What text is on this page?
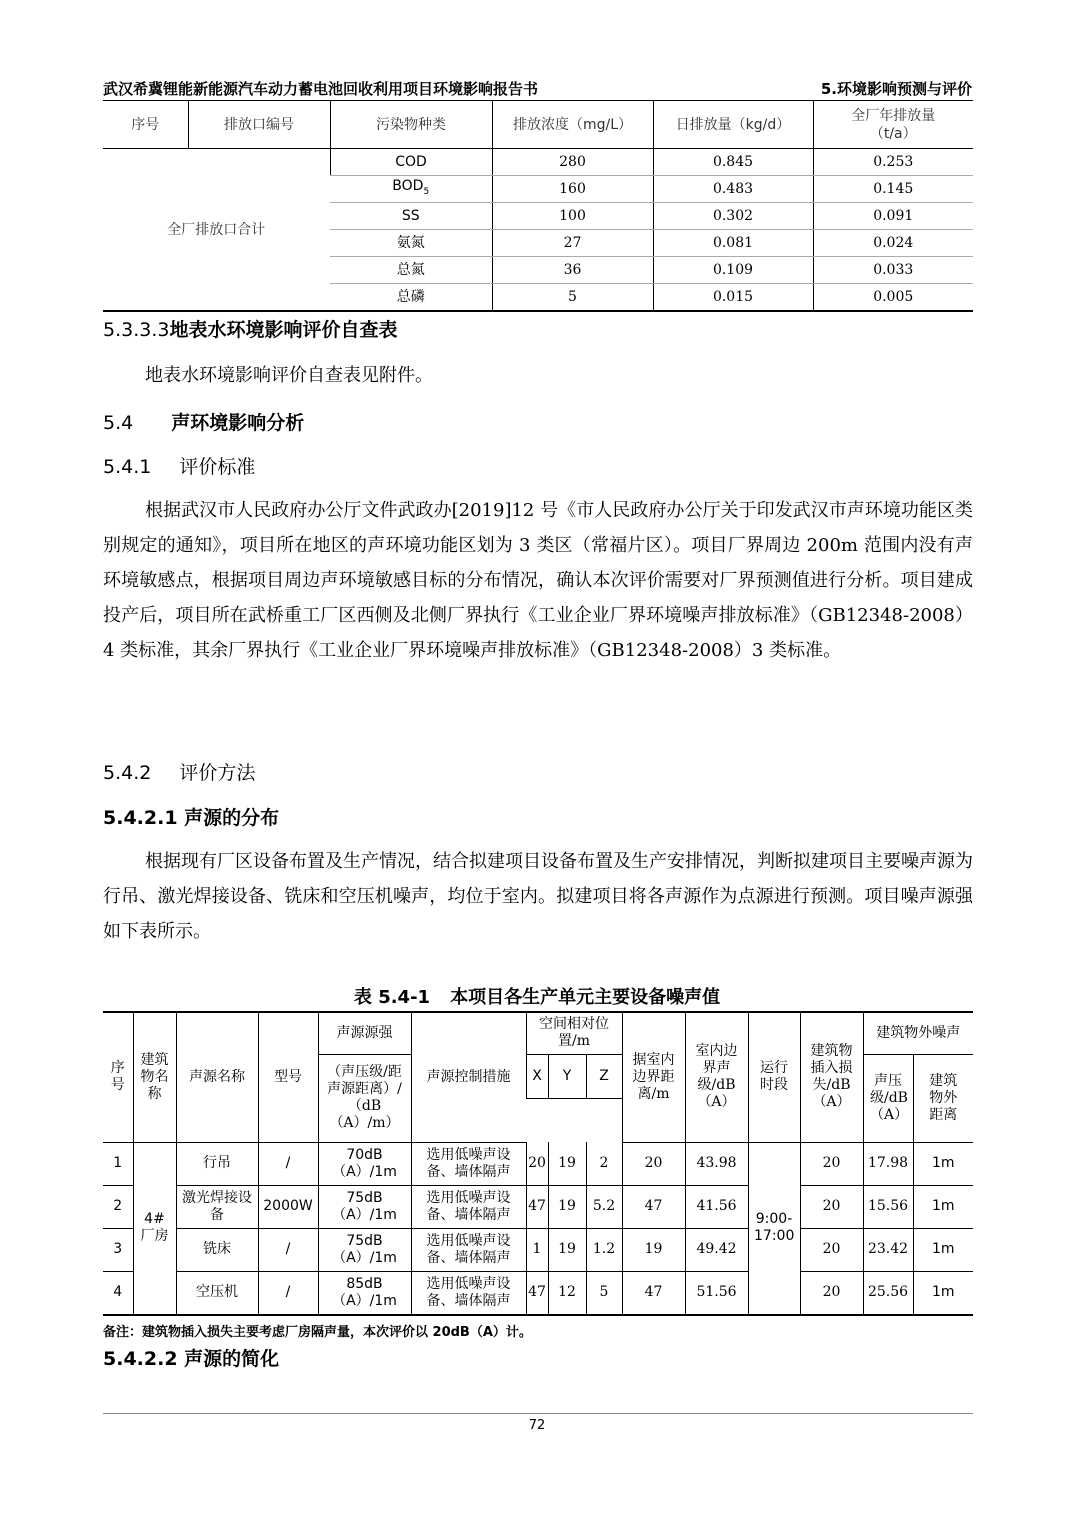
武汉希冀锂能新能源汽车动力蓄电池回收利用项目环境影响报告书	5.环境影响预测与评价
序号	排放口编号	污染物种类	排放浓度（mg/L）	日排放量（kg/d）	全厂年排放量
（t/a）
全厂排放口合计		COD	280	0.845	0.253
		$BOD_5$	160	0.483	0.145
		SS	100	0.302	0.091
		氨氮	27	0.081	0.024
		总氮	36	0.109	0.033
		总磷	5	0.015	0.005
5.3.3.3地表水环境影响评价自查表
地表水环境影响评价自查表见附件。
5.4 声环境影响分析
5.4.1 评价标准
根据武汉市人民政府办公厅文件武政办[2019]12 号《市人民政府办公厅关于印发武汉市声环境功能区类别规定的通知》，项目所在地区的声环境功能区划为 3 类区（常福片区）。项目厂界周边 200m 范围内没有声环境敏感点，根据项目周边声环境敏感目标的分布情况，确认本次评价需要对厂界预测值进行分析。项目建成投产后，项目所在武桥重工厂区西侧及北侧厂界执行《工业企业厂界环境噪声排放标准》（GB12348-2008）4 类标准，其余厂界执行《工业企业厂界环境噪声排放标准》（GB12348-2008）3 类标准。
5.4.2 评价方法
5.4.2.1 声源的分布
根据现有厂区设备布置及生产情况，结合拟建项目设备布置及生产安排情况，判断拟建项目主要噪声源为行吊、激光焊接设备、铣床和空压机噪声，均位于室内。拟建项目将各声源作为点源进行预测。项目噪声源强如下表所示。
表 5.4-1 本项目各生产单元主要设备噪声值
序号	建筑物名称	声源名称	型号	声源源强	声源控制措施	空间相对位置/m			据室内边界距离/m	室内边界声级/dB（A）	运行时段	建筑物插入损失/dB（A）	建筑物外噪声	

				（声压级/距声源距离）/（dB（A）/m）		X	Y	Z					声压级/dB（A）	建筑物外距离

1	4#厂房	行吊	/	70dB（A）/1m	选用低噪声设备、墙体隔声	20	19	2	20	43.98	9:00-17:00	20	17.98	1m
2		激光焊接设备	2000W	75dB（A）/1m	选用低噪声设备、墙体隔声	47	19	5.2	47	41.56		20	15.56	1m
3		铣床	/	75dB（A）/1m	选用低噪声设备、墙体隔声	1	19	1.2	19	49.42		20	23.42	1m
4		空压机	/	85dB（A）/1m	选用低噪声设备、墙体隔声	47	12	5	47	51.56		20	25.56	1m
备注：建筑物插入损失主要考虑厂房隔声量，本次评价以 20dB（A）计。
5.4.2.2 声源的简化
72
